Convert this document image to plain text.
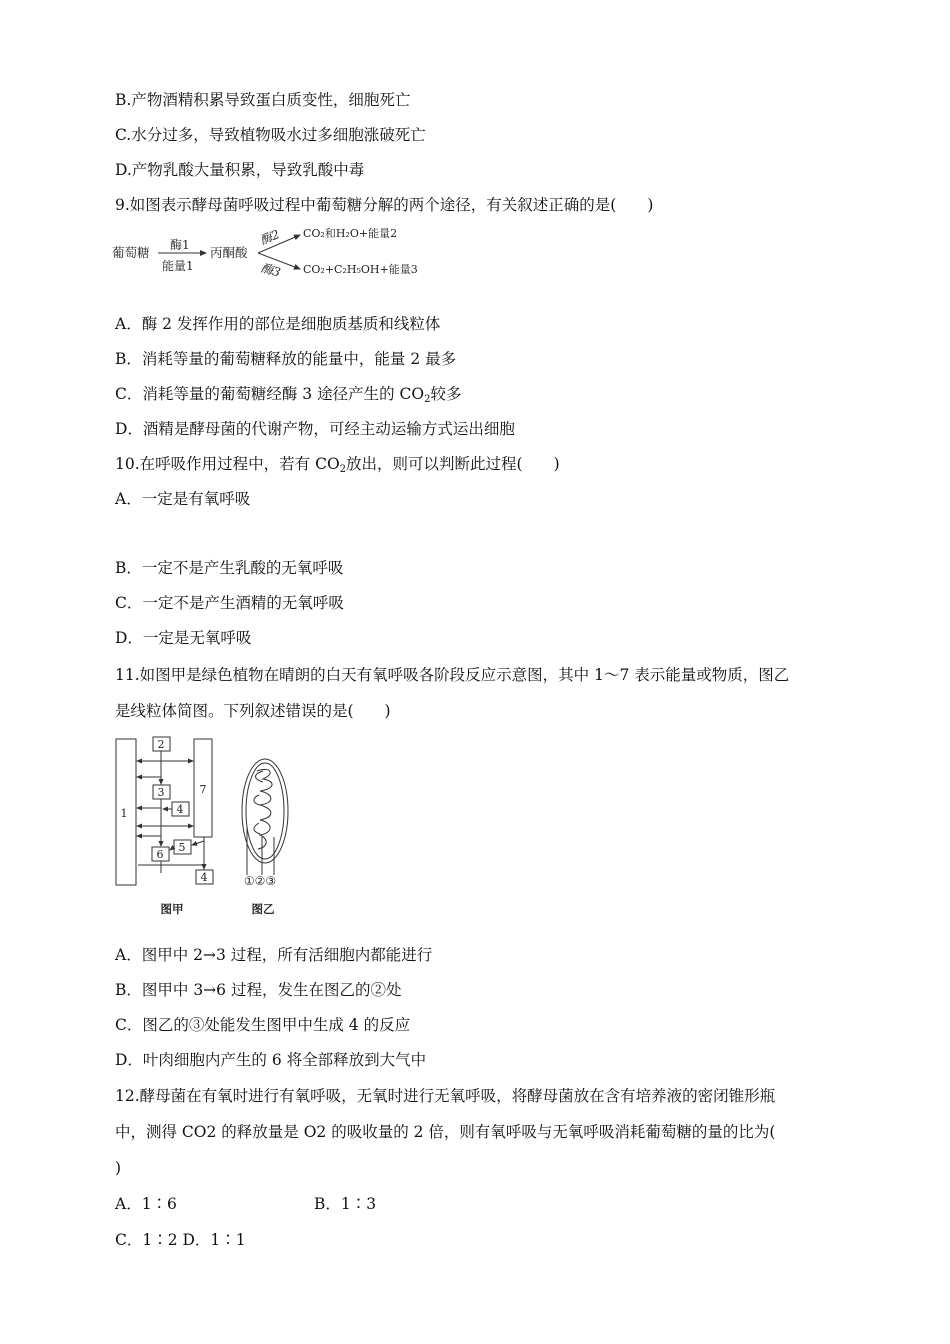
B.产物酒精积累导致蛋白质变性，细胞死亡
C.水分过多，导致植物吸水过多细胞涨破死亡
D.产物乳酸大量积累，导致乳酸中毒
9.如图表示酵母菌呼吸过程中葡萄糖分解的两个途径，有关叙述正确的是(　　)
葡萄糖 酶1
能量1
丙酮酸
酶2
酶3
CO₂和H₂O+能量2
CO₂+C₂H₅OH+能量3
A．酶 2 发挥作用的部位是细胞质基质和线粒体
B．消耗等量的葡萄糖释放的能量中，能量 2 最多
C．消耗等量的葡萄糖经酶 3 途径产生的 $CO_2$较多
D．酒精是酵母菌的代谢产物，可经主动运输方式运出细胞
10.在呼吸作用过程中，若有 $CO_2$放出，则可以判断此过程(　　)
A．一定是有氧呼吸
B．一定不是产生乳酸的无氧呼吸
C．一定不是产生酒精的无氧呼吸
D．一定是无氧呼吸
11.如图甲是绿色植物在晴朗的白天有氧呼吸各阶段反应示意图，其中 1～7 表示能量或物质，图乙
是线粒体简图。下列叙述错误的是(　　)
1
7
2
3
4
5
6
4
图甲
①②③
图乙
A．图甲中 2→3 过程，所有活细胞内都能进行
B．图甲中 3→6 过程，发生在图乙的②处
C．图乙的③处能发生图甲中生成 4 的反应
D．叶肉细胞内产生的 6 将全部释放到大气中
12.酵母菌在有氧时进行有氧呼吸，无氧时进行无氧呼吸，将酵母菌放在含有培养液的密闭锥形瓶
中，测得 CO2 的释放量是 O2 的吸收量的 2 倍，则有氧呼吸与无氧呼吸消耗葡萄糖的量的比为(
)
A．1∶6	B．1∶3
C．1∶2 D．1∶1
